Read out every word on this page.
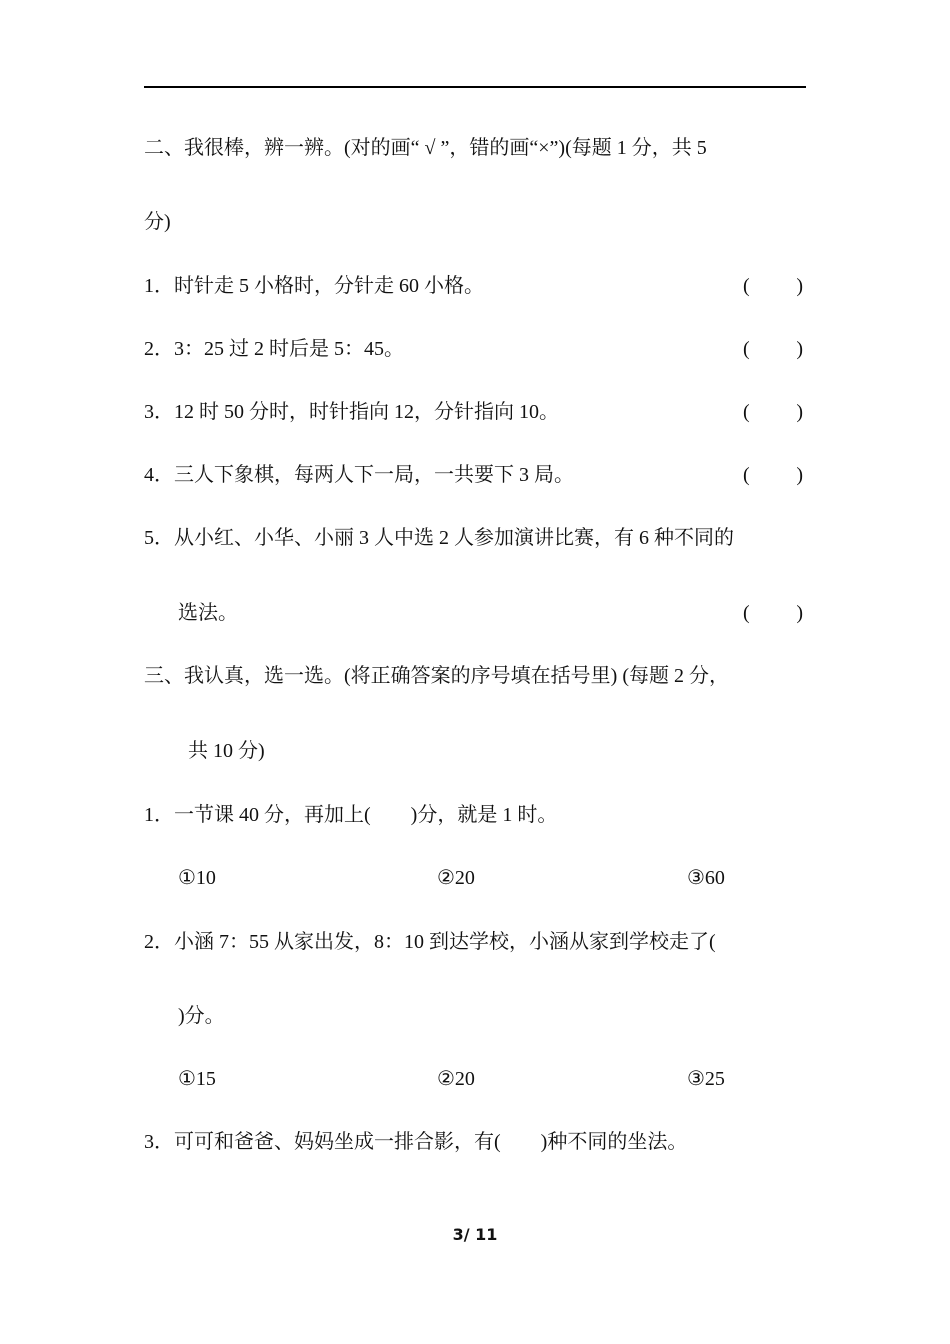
二、我很棒，辨一辨。(对的画“ √ ”，错的画“×”)(每题 1 分，共 5
分)
1．时针走 5 小格时，分针走 60 小格。	( )
2．3：25 过 2 时后是 5：45。	( )
3．12 时 50 分时，时针指向 12，分针指向 10。	( )
4．三人下象棋，每两人下一局，一共要下 3 局。	( )
5．从小红、小华、小丽 3 人中选 2 人参加演讲比赛，有 6 种不同的
选法。	( )
三、我认真，选一选。(将正确答案的序号填在括号里) (每题 2 分，
共 10 分)
1．一节课 40 分，再加上(　　)分，就是 1 时。
①10	②20	③60
2．小涵 7：55 从家出发，8：10 到达学校，小涵从家到学校走了(
)分。
①15	②20	③25
3．可可和爸爸、妈妈坐成一排合影，有(　　)种不同的坐法。
3/ 11
